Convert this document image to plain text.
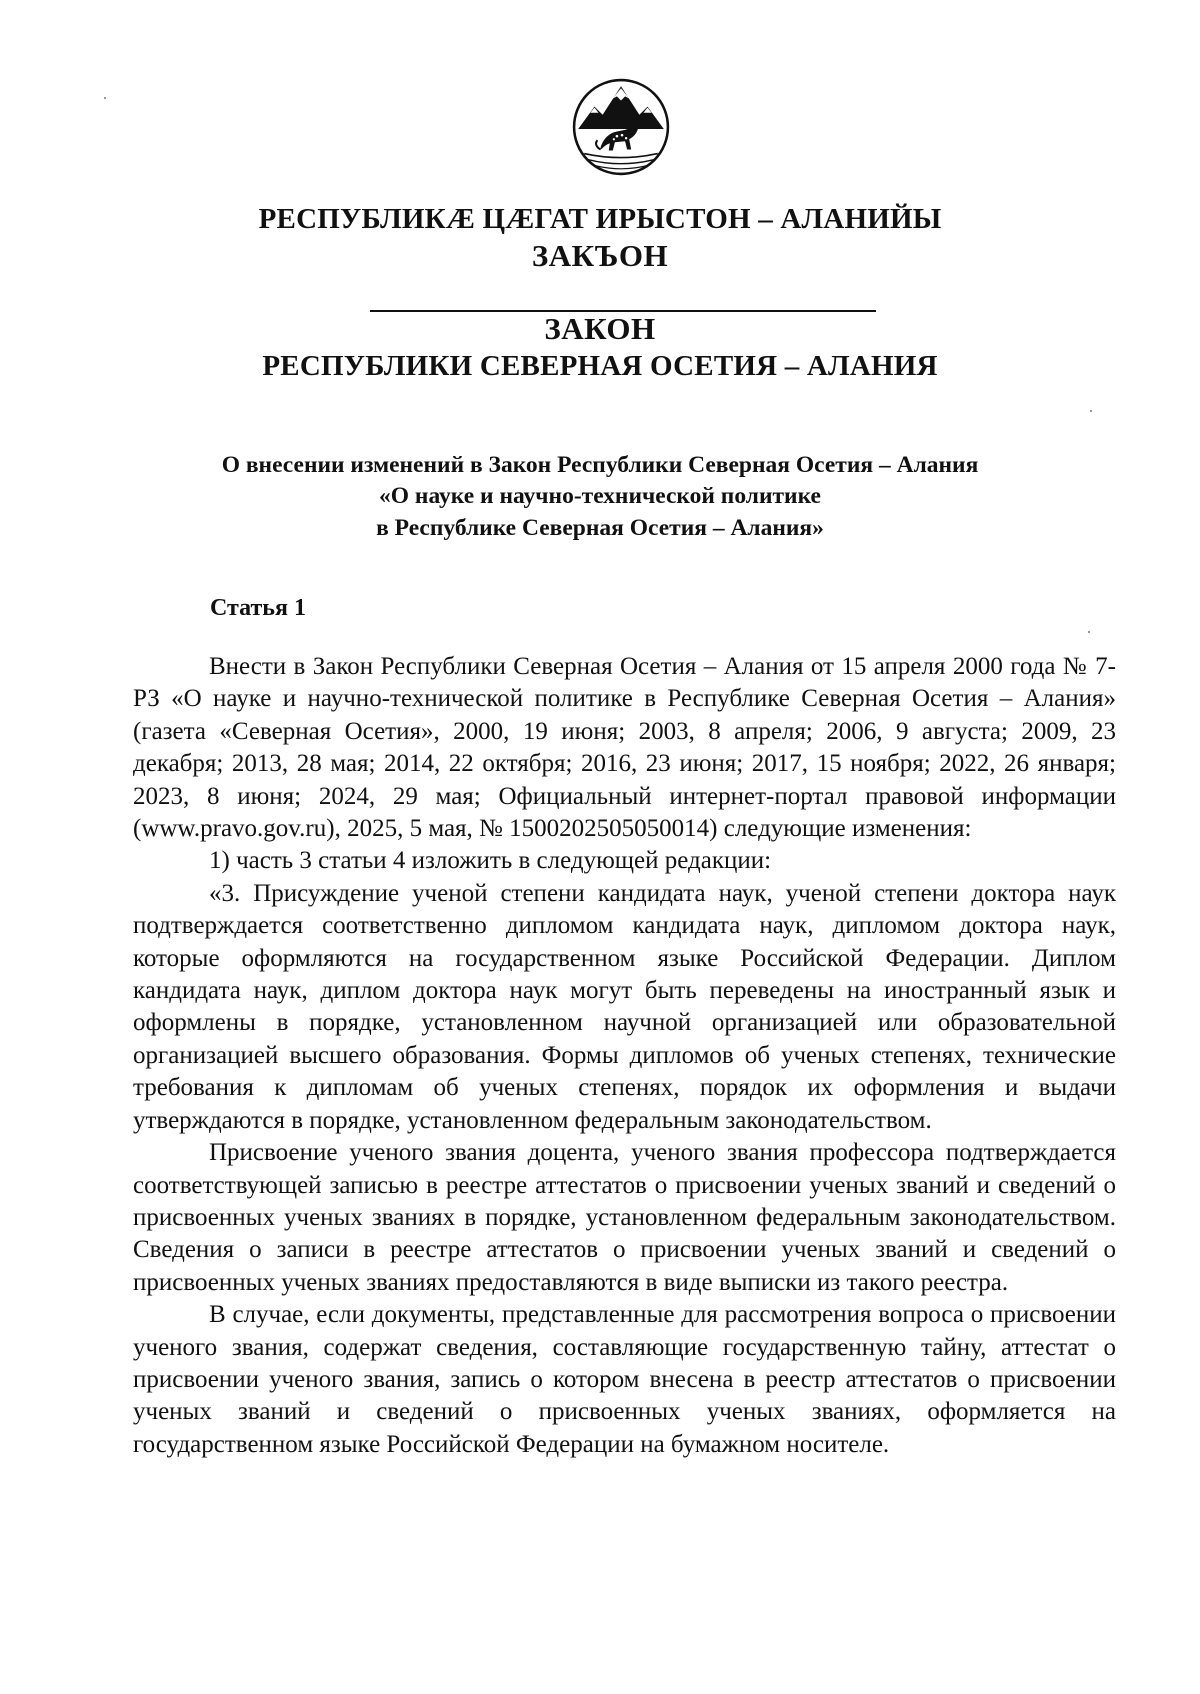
РЕСПУБЛИКÆ ЦÆГАТ ИРЫСТОН – АЛАНИЙЫ
ЗАКЪОН
ЗАКОН
РЕСПУБЛИКИ СЕВЕРНАЯ ОСЕТИЯ – АЛАНИЯ
О внесении изменений в Закон Республики Северная Осетия – Алания
«О науке и научно-технической политике
в Республике Северная Осетия – Алания»
Статья 1

Внести в Закон Республики Северная Осетия – Алания от 15 апреля 2000 года № 7-РЗ «О науке и научно-технической политике в Республике Северная Осетия – Алания» (газета «Северная Осетия», 2000, 19 июня; 2003, 8 апреля; 2006, 9 августа; 2009, 23 декабря; 2013, 28 мая; 2014, 22 октября; 2016, 23 июня; 2017, 15 ноября; 2022, 26 января; 2023, 8 июня; 2024, 29 мая; Официальный интернет-портал правовой информации (www.pravo.gov.ru), 2025, 5 мая, № 1500202505050014) следующие изменения:

1) часть 3 статьи 4 изложить в следующей редакции:

«3. Присуждение ученой степени кандидата наук, ученой степени доктора наук подтверждается соответственно дипломом кандидата наук, дипломом доктора наук, которые оформляются на государственном языке Российской Федерации. Диплом кандидата наук, диплом доктора наук могут быть переведены на иностранный язык и оформлены в порядке, установленном научной организацией или образовательной организацией высшего образования. Формы дипломов об ученых степенях, технические требования к дипломам об ученых степенях, порядок их оформления и выдачи утверждаются в порядке, установленном федеральным законодательством.

Присвоение ученого звания доцента, ученого звания профессора подтверждается соответствующей записью в реестре аттестатов о присвоении ученых званий и сведений о присвоенных ученых званиях в порядке, установленном федеральным законодательством. Сведения о записи в реестре аттестатов о присвоении ученых званий и сведений о присвоенных ученых званиях предоставляются в виде выписки из такого реестра.

В случае, если документы, представленные для рассмотрения вопроса о присвоении ученого звания, содержат сведения, составляющие государственную тайну, аттестат о присвоении ученого звания, запись о котором внесена в реестр аттестатов о присвоении ученых званий и сведений о присвоенных ученых званиях, оформляется на государственном языке Российской Федерации на бумажном носителе.
